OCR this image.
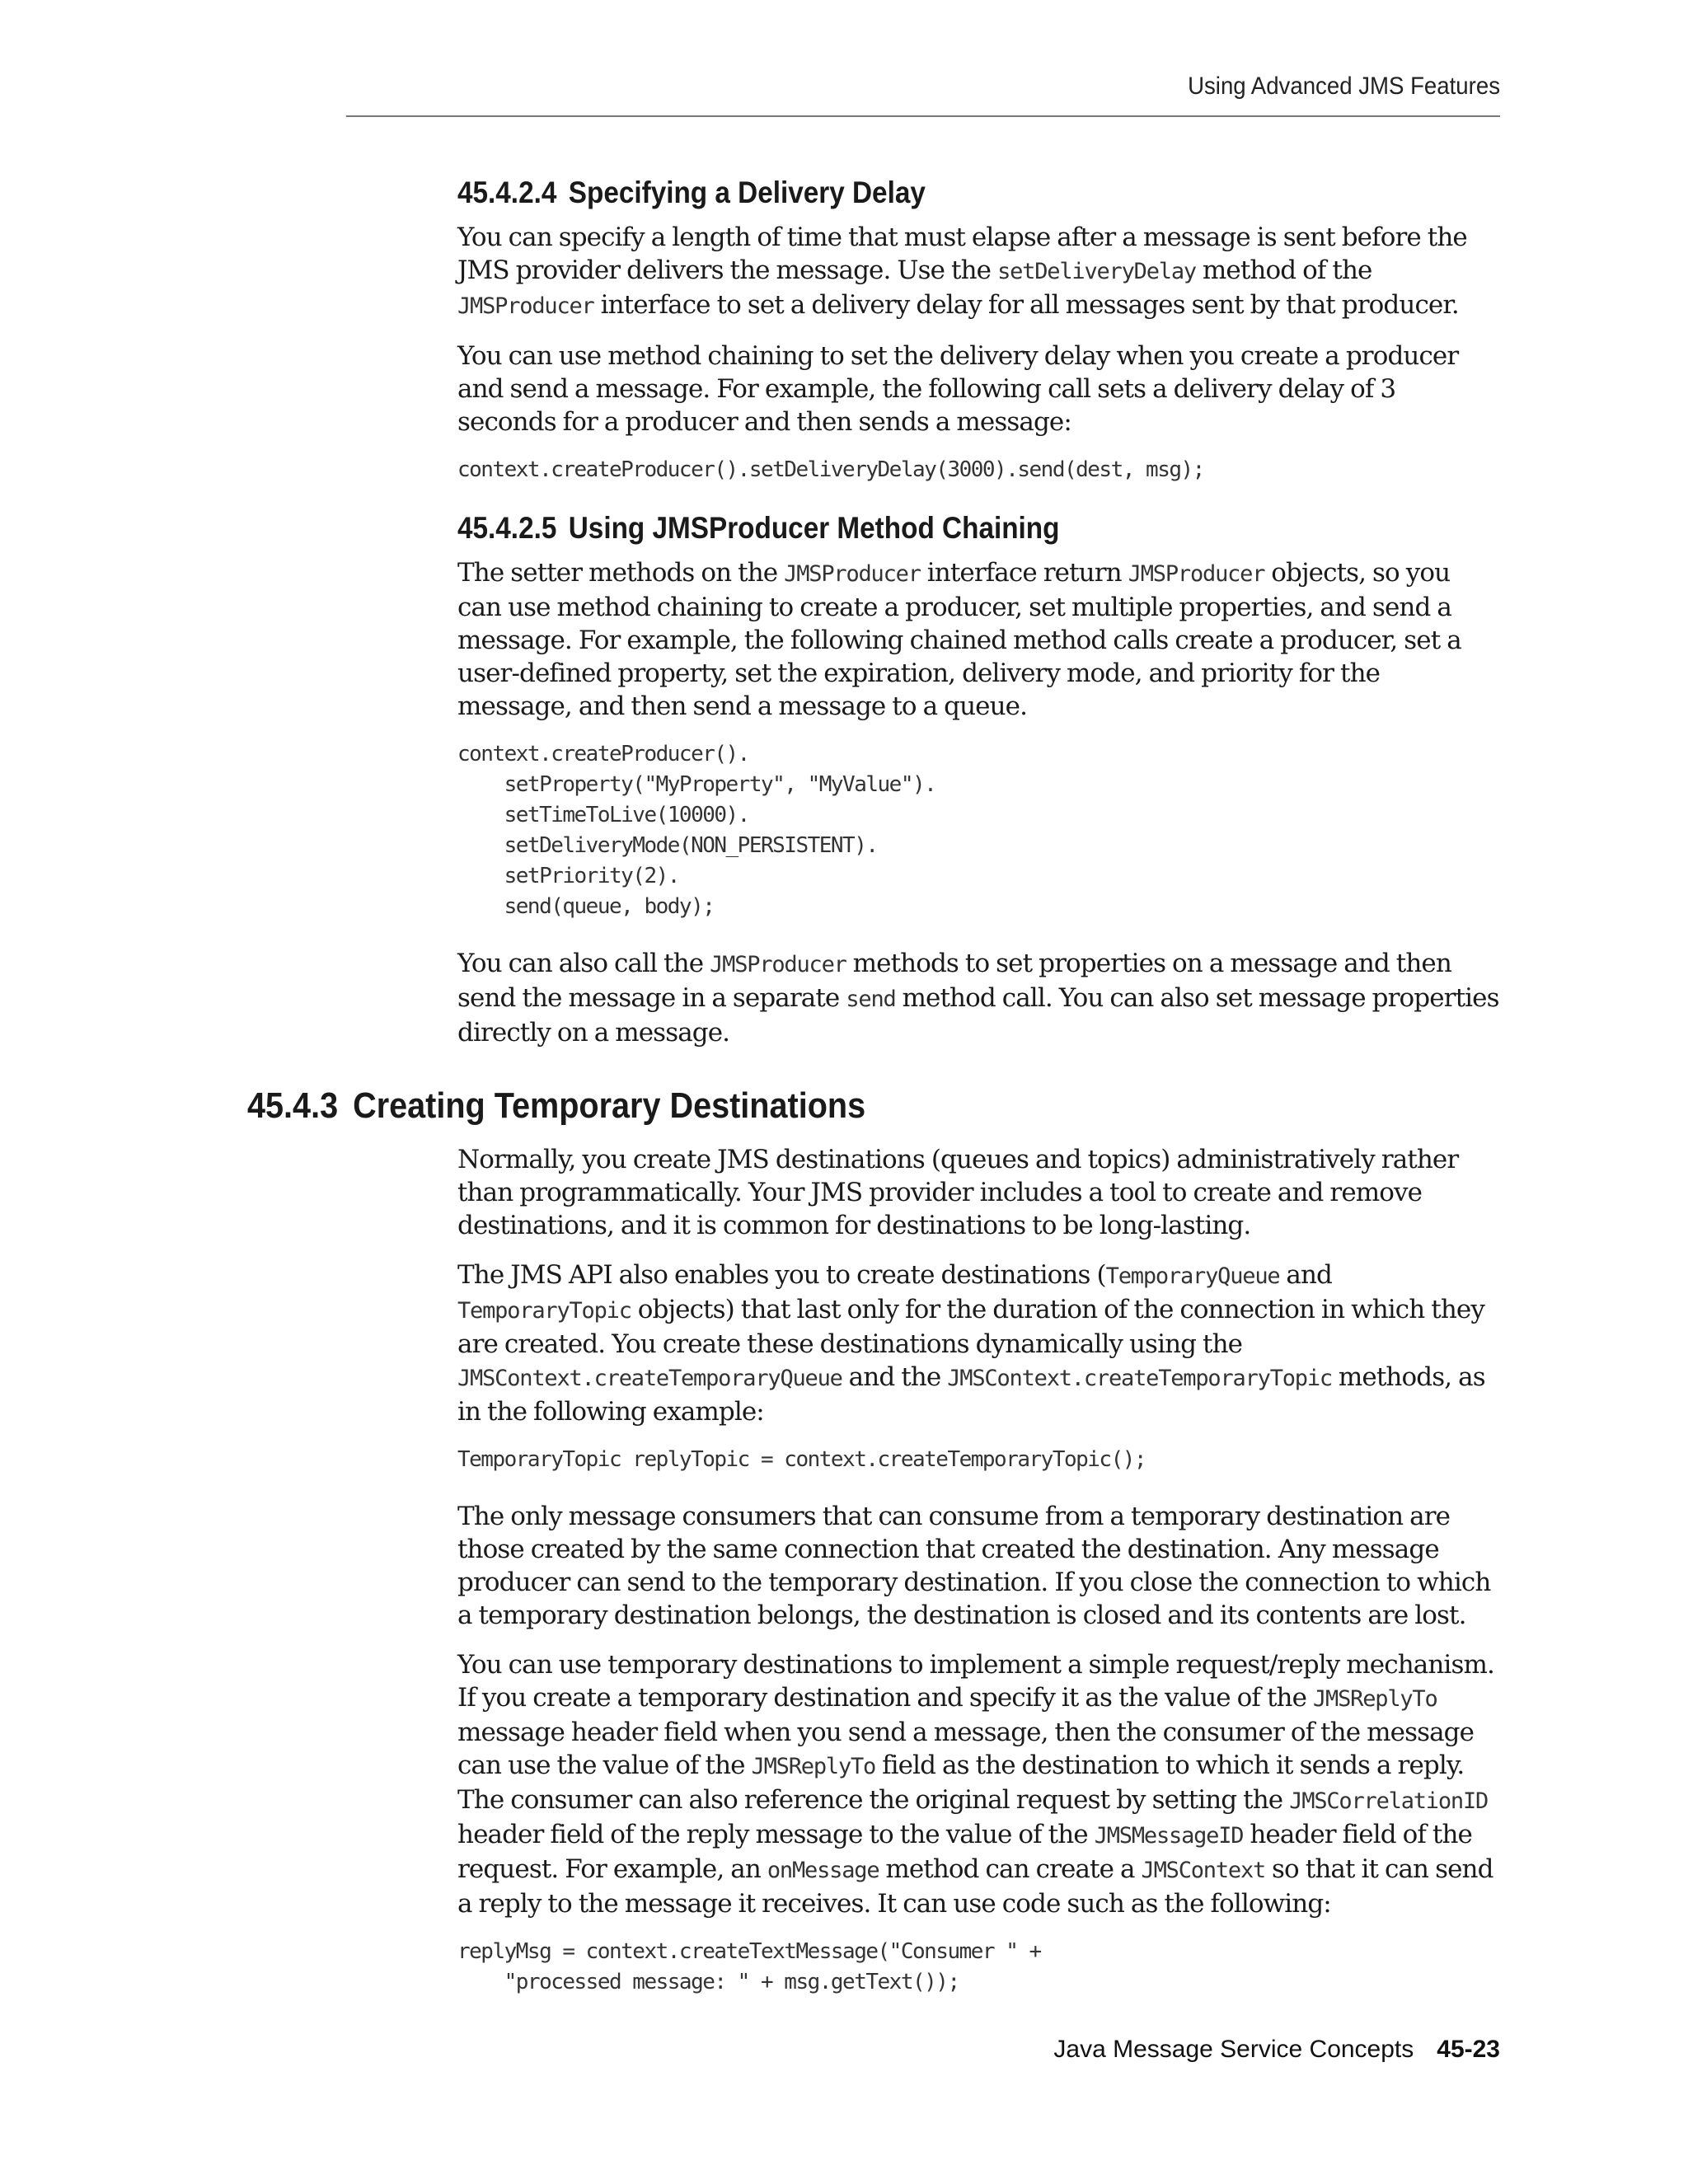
Using Advanced JMS Features
45.4.2.4 Specifying a Delivery Delay

You can specify a length of time that must elapse after a message is sent before the JMS provider delivers the message. Use the setDeliveryDelay method of the JMSProducer interface to set a delivery delay for all messages sent by that producer.

You can use method chaining to set the delivery delay when you create a producer and send a message. For example, the following call sets a delivery delay of 3 seconds for a producer and then sends a message:

context.createProducer().setDeliveryDelay(3000).send(dest, msg);
45.4.2.5 Using JMSProducer Method Chaining

The setter methods on the JMSProducer interface return JMSProducer objects, so you can use method chaining to create a producer, set multiple properties, and send a message. For example, the following chained method calls create a producer, set a user-defined property, set the expiration, delivery mode, and priority for the message, and then send a message to a queue.

context.createProducer().
setProperty("MyProperty", "MyValue").
setTimeToLive(10000).
setDeliveryMode(NON_PERSISTENT).
setPriority(2).
send(queue, body);

You can also call the JMSProducer methods to set properties on a message and then send the message in a separate send method call. You can also set message properties directly on a message.

45.4.3 Creating Temporary Destinations

Normally, you create JMS destinations (queues and topics) administratively rather than programmatically. Your JMS provider includes a tool to create and remove destinations, and it is common for destinations to be long-lasting.

The JMS API also enables you to create destinations (TemporaryQueue and TemporaryTopic objects) that last only for the duration of the connection in which they are created. You create these destinations dynamically using the JMSContext.createTemporaryQueue and the JMSContext.createTemporaryTopic methods, as in the following example:

TemporaryTopic replyTopic = context.createTemporaryTopic();

The only message consumers that can consume from a temporary destination are those created by the same connection that created the destination. Any message producer can send to the temporary destination. If you close the connection to which a temporary destination belongs, the destination is closed and its contents are lost.

You can use temporary destinations to implement a simple request/reply mechanism. If you create a temporary destination and specify it as the value of the JMSReplyTo message header field when you send a message, then the consumer of the message can use the value of the JMSReplyTo field as the destination to which it sends a reply. The consumer can also reference the original request by setting the JMSCorrelationID header field of the reply message to the value of the JMSMessageID header field of the request. For example, an onMessage method can create a JMSContext so that it can send a reply to the message it receives. It can use code such as the following:

replyMsg = context.createTextMessage("Consumer " +
"processed message: " + msg.getText());
Java Message Service Concepts 45-23
